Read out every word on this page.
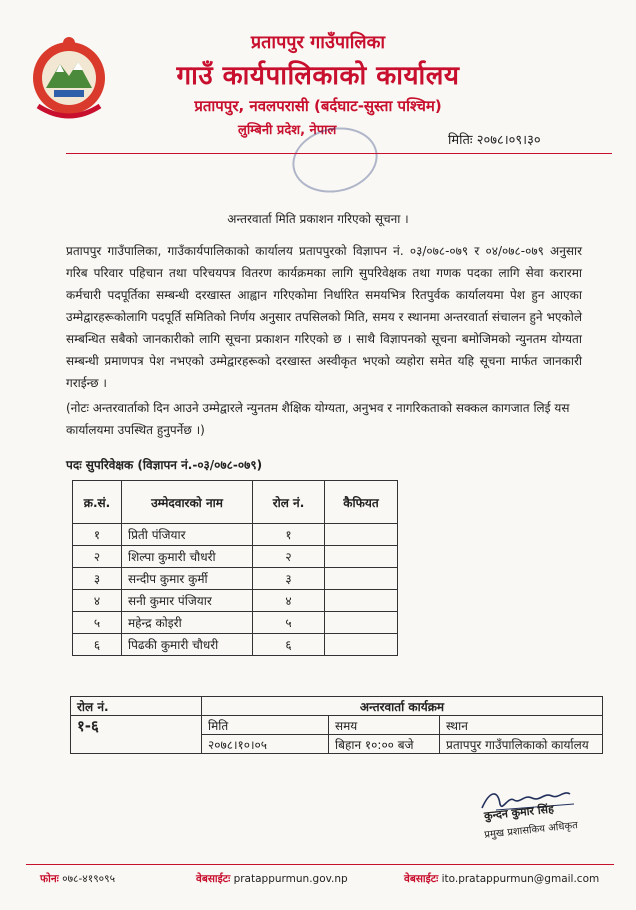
प्रतापपुर गाउँपालिका
गाउँ कार्यपालिकाको कार्यालय
प्रतापपुर, नवलपरासी (बर्दघाट-सुस्ता पश्चिम)
लुम्बिनी प्रदेश, नेपाल
मितिः २०७८।०९।३०
अन्तरवार्ता मिति प्रकाशन गरिएको सूचना ।
प्रतापपुर गाउँपालिका, गाउँकार्यपालिकाको कार्यालय प्रतापपुरको विज्ञापन नं. ०३/०७८-०७९ र ०४/०७८-०७९ अनुसार गरिब परिवार पहिचान तथा परिचयपत्र वितरण कार्यक्रमका लागि सुपरिवेक्षक तथा गणक पदका लागि सेवा करारमा कर्मचारी पदपूर्तिका सम्बन्धी दरखास्त आह्वान गरिएकोमा निर्धारित समयभित्र रितपुर्वक कार्यालयमा पेश हुन आएका उम्मेद्वारहरूकोलागि पदपूर्ति समितिको निर्णय अनुसार तपसिलको मिति, समय र स्थानमा अन्तरवार्ता संचालन हुने भएकोले सम्बन्धित सबैको जानकारीको लागि सूचना प्रकाशन गरिएको छ । साथै विज्ञापनको सूचना बमोजिमको न्युनतम योग्यता सम्बन्धी प्रमाणपत्र पेश नभएको उम्मेद्वारहरूको दरखास्त अस्वीकृत भएको व्यहोरा समेत यहि सूचना मार्फत जानकारी गराईन्छ ।
(नोटः अन्तरवार्ताको दिन आउने उम्मेद्वारले न्युनतम शैक्षिक योग्यता, अनुभव र नागरिकताको सक्कल कागजात लिई यस कार्यालयमा उपस्थित हुनुपर्नेछ ।)
पदः सुपरिवेक्षक (विज्ञापन नं.-०३/०७८-०७९)
क्र.सं.	उम्मेदवारको नाम	रोल नं.	कैफियत
१	प्रिती पंजियार	१	
२	शिल्पा कुमारी चौधरी	२	
३	सन्दीप कुमार कुर्मी	३	
४	सनी कुमार पंजियार	४	
५	महेन्द्र कोइरी	५	
६	पिढकी कुमारी चौधरी	६	
रोल नं.	अन्तरवार्ता कार्यक्रम		
१-६	मिति	समय	स्थान
	२०७८।१०।०५	बिहान १०:०० बजे	प्रतापपुर गाउँपालिकाको कार्यालय
कुन्दन कुमार सिंह
प्रमुख प्रशासकिय अधिकृत
फोनः ०७८-४१९०९५	वेबसाईटः pratappurmun.gov.np	वेबसाईटः ito.pratappurmun@gmail.com
